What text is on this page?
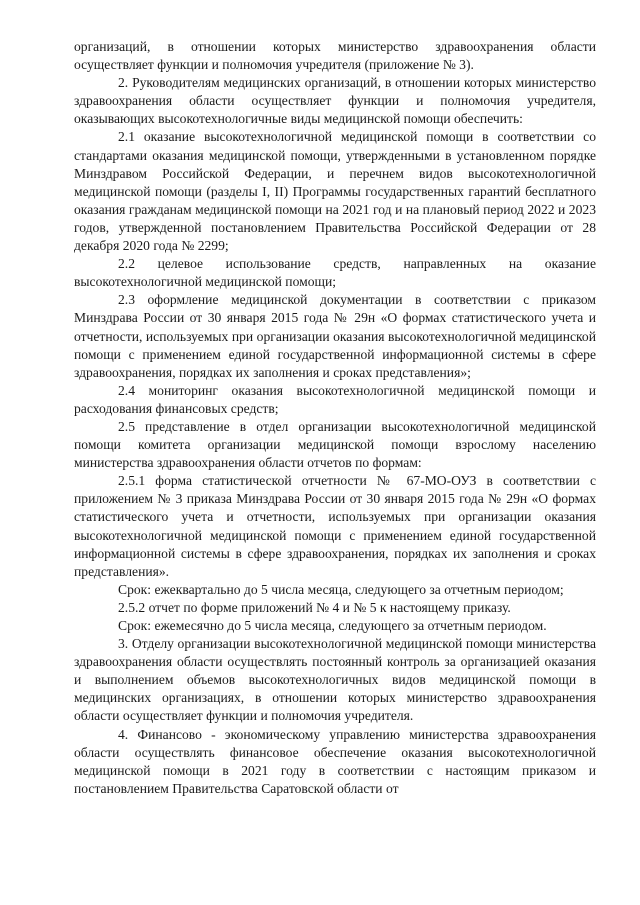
организаций, в отношении которых министерство здравоохранения области осуществляет функции и полномочия учредителя (приложение № 3).

2. Руководителям медицинских организаций, в отношении которых министерство здравоохранения области осуществляет функции и полномочия учредителя, оказывающих высокотехнологичные виды медицинской помощи обеспечить:

2.1 оказание высокотехнологичной медицинской помощи в соответствии со стандартами оказания медицинской помощи, утвержденными в установленном порядке Минздравом Российской Федерации, и перечнем видов высокотехнологичной медицинской помощи (разделы I, II) Программы государственных гарантий бесплатного оказания гражданам медицинской помощи на 2021 год и на плановый период 2022 и 2023 годов, утвержденной постановлением Правительства Российской Федерации от 28 декабря 2020 года № 2299;

2.2 целевое использование средств, направленных на оказание высокотехнологичной медицинской помощи;

2.3 оформление медицинской документации в соответствии с приказом Минздрава России от 30 января 2015 года № 29н «О формах статистического учета и отчетности, используемых при организации оказания высокотехнологичной медицинской помощи с применением единой государственной информационной системы в сфере здравоохранения, порядках их заполнения и сроках представления»;

2.4 мониторинг оказания высокотехнологичной медицинской помощи и расходования финансовых средств;

2.5 представление в отдел организации высокотехнологичной медицинской помощи комитета организации медицинской помощи взрослому населению министерства здравоохранения области отчетов по формам:

2.5.1 форма статистической отчетности № 67-МО-ОУЗ в соответствии с приложением № 3 приказа Минздрава России от 30 января 2015 года № 29н «О формах статистического учета и отчетности, используемых при организации оказания высокотехнологичной медицинской помощи с применением единой государственной информационной системы в сфере здравоохранения, порядках их заполнения и сроках представления».

Срок: ежеквартально до 5 числа месяца, следующего за отчетным периодом;

2.5.2 отчет по форме приложений № 4 и № 5 к настоящему приказу.

Срок: ежемесячно до 5 числа месяца, следующего за отчетным периодом.

3. Отделу организации высокотехнологичной медицинской помощи министерства здравоохранения области осуществлять постоянный контроль за организацией оказания и выполнением объемов высокотехнологичных видов медицинской помощи в медицинских организациях, в отношении которых министерство здравоохранения области осуществляет функции и полномочия учредителя.

4. Финансово - экономическому управлению министерства здравоохранения области осуществлять финансовое обеспечение оказания высокотехнологичной медицинской помощи в 2021 году в соответствии с настоящим приказом и постановлением Правительства Саратовской области от
